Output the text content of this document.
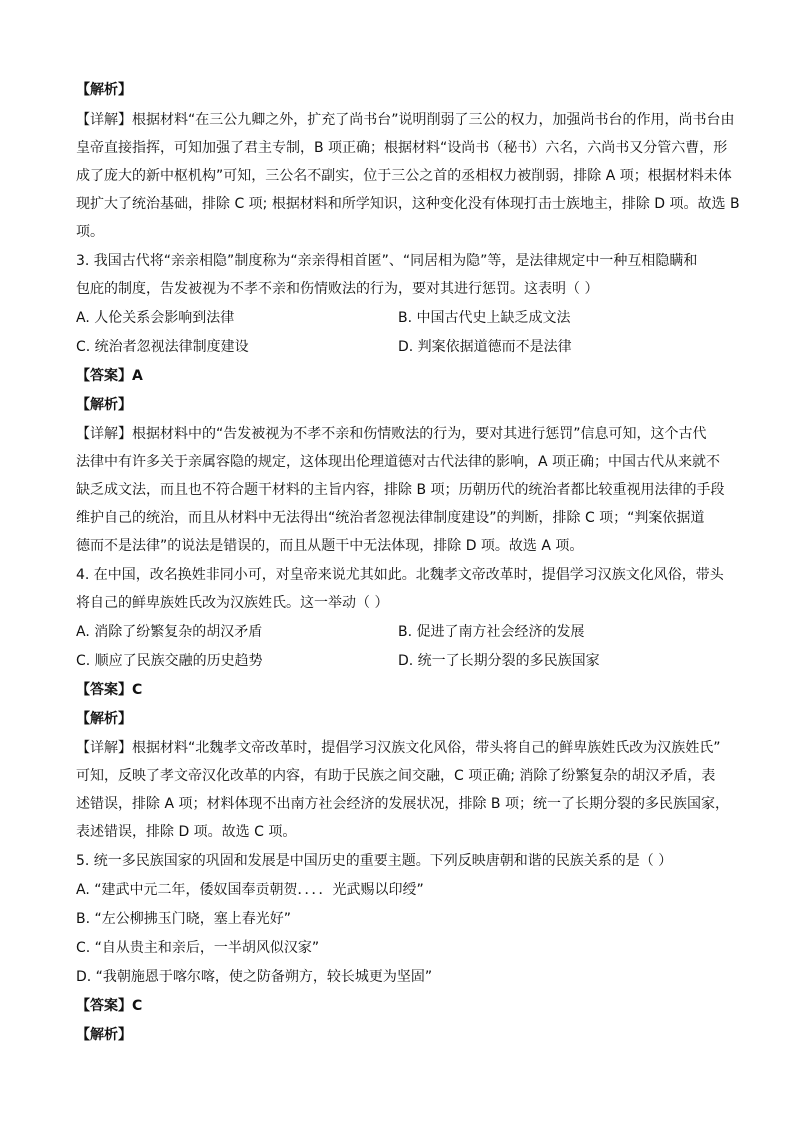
【解析】
【详解】根据材料“在三公九卿之外，扩充了尚书台”说明削弱了三公的权力，加强尚书台的作用，尚书台由
皇帝直接指挥，可知加强了君主专制，B 项正确；根据材料“设尚书（秘书）六名，六尚书又分管六曹，形
成了庞大的新中枢机构”可知，三公名不副实，位于三公之首的丞相权力被削弱，排除 A 项；根据材料未体
现扩大了统治基础，排除 C 项; 根据材料和所学知识，这种变化没有体现打击士族地主，排除 D 项。故选 B
项。
3. 我国古代将“亲亲相隐”制度称为“亲亲得相首匿”、“同居相为隐”等，是法律规定中一种互相隐瞒和
包庇的制度，告发被视为不孝不亲和伤情败法的行为，要对其进行惩罚。这表明（ ）
A. 人伦关系会影响到法律	B. 中国古代史上缺乏成文法
C. 统治者忽视法律制度建设	D. 判案依据道德而不是法律
【答案】A
【解析】
【详解】根据材料中的“告发被视为不孝不亲和伤情败法的行为，要对其进行惩罚”信息可知，这个古代
法律中有许多关于亲属容隐的规定，这体现出伦理道德对古代法律的影响，A 项正确；中国古代从来就不
缺乏成文法，而且也不符合题干材料的主旨内容，排除 B 项；历朝历代的统治者都比较重视用法律的手段
维护自己的统治，而且从材料中无法得出“统治者忽视法律制度建设”的判断，排除 C 项；“判案依据道
德而不是法律”的说法是错误的，而且从题干中无法体现，排除 D 项。故选 A 项。
4. 在中国，改名换姓非同小可，对皇帝来说尤其如此。北魏孝文帝改革时，提倡学习汉族文化风俗，带头
将自己的鲜卑族姓氏改为汉族姓氏。这一举动（ ）
A. 消除了纷繁复杂的胡汉矛盾	B. 促进了南方社会经济的发展
C. 顺应了民族交融的历史趋势	D. 统一了长期分裂的多民族国家
【答案】C
【解析】
【详解】根据材料“北魏孝文帝改革时，提倡学习汉族文化风俗，带头将自己的鲜卑族姓氏改为汉族姓氏”
可知，反映了孝文帝汉化改革的内容，有助于民族之间交融，C 项正确; 消除了纷繁复杂的胡汉矛盾，表
述错误，排除 A 项；材料体现不出南方社会经济的发展状况，排除 B 项；统一了长期分裂的多民族国家，
表述错误，排除 D 项。故选 C 项。
5. 统一多民族国家的巩固和发展是中国历史的重要主题。下列反映唐朝和谐的民族关系的是（ ）
A. “建武中元二年，倭奴国奉贡朝贺．．．．光武赐以印绶”
B. “左公柳拂玉门晓，塞上春光好”
C. “自从贵主和亲后，一半胡风似汉家”
D. “我朝施恩于喀尔喀，使之防备朔方，较长城更为坚固”
【答案】C
【解析】
